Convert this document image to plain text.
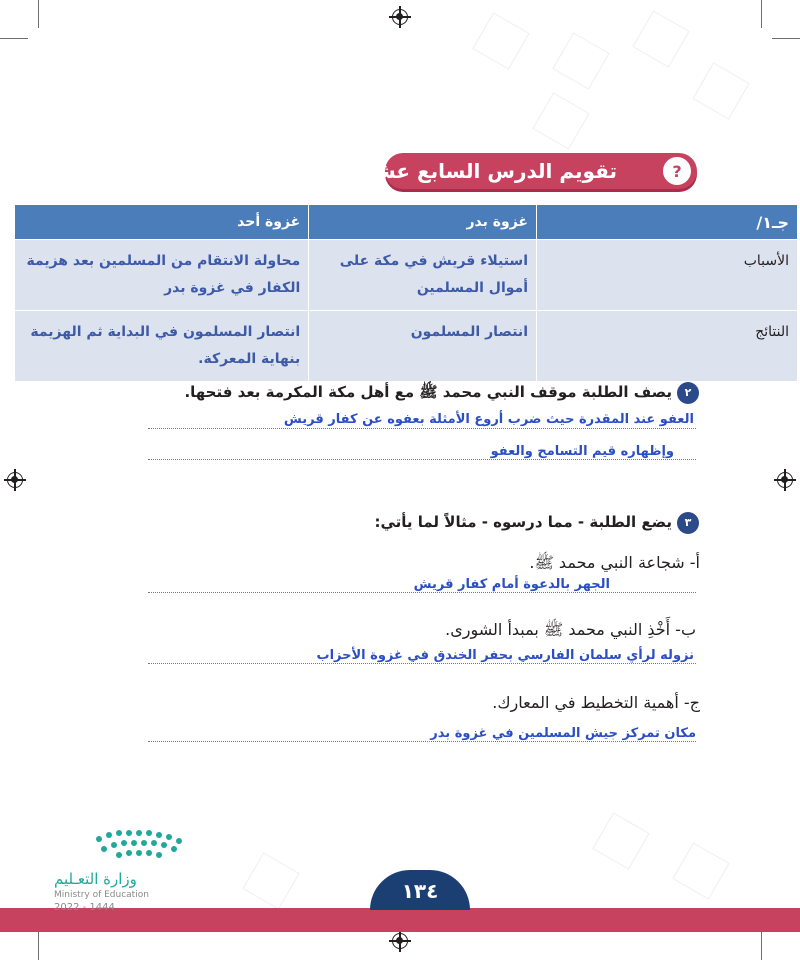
تقويم الدرس السابع عشر	?
جـ١/	غزوة بدر	غزوة أحد
الأسباب	استيلاء قريش في مكة على أموال المسلمين	محاولة الانتقام من المسلمين بعد هزيمة الكفار في غزوة بدر
النتائج	انتصار المسلمون	انتصار المسلمون في البداية ثم الهزيمة بنهاية المعركة.
٢
يصف الطلبة موقف النبي محمد ﷺ مع أهل مكة المكرمة بعد فتحها.
العفو عند المقدرة حيث ضرب أروع الأمثلة بعفوه عن كفار قريش
وإظهاره قيم التسامح والعفو
٣
يضع الطلبة - مما درسوه - مثالاً لما يأتي:
أ- شجاعة النبي محمد ﷺ.
الجهر بالدعوة أمام كفار قريش
ب- أَخْذِ النبي محمد ﷺ بمبدأ الشورى.
نزوله لرأي سلمان الفارسي بحفر الخندق في غزوة الأحزاب
ج- أهمية التخطيط في المعارك.
مكان تمركز جيش المسلمين في غزوة بدر
١٣٤
وزارة التعـليم
Ministry of Education
2022 - 1444
